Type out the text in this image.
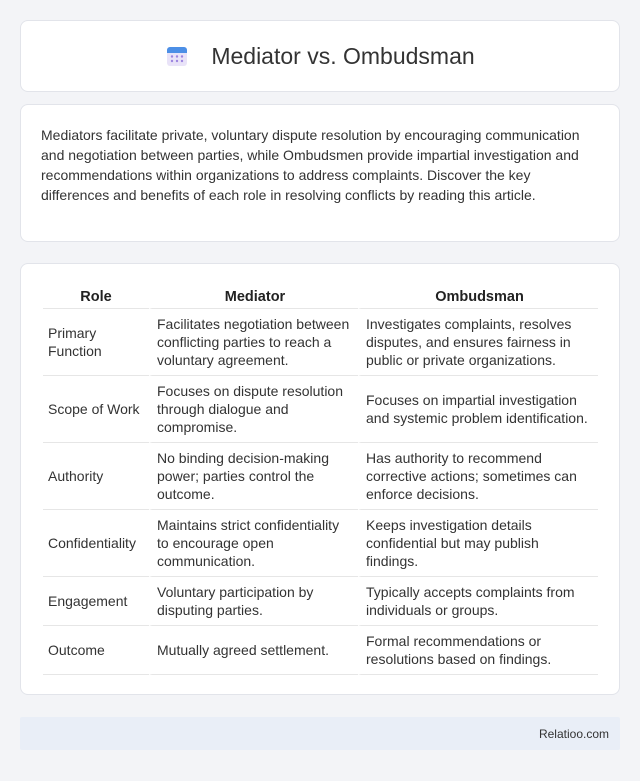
Mediator vs. Ombudsman

Mediators facilitate private, voluntary dispute resolution by encouraging communication and negotiation between parties, while Ombudsmen provide impartial investigation and recommendations within organizations to address complaints. Discover the key differences and benefits of each role in resolving conflicts by reading this article.

Role	Mediator	Ombudsman
Primary Function	Facilitates negotiation between conflicting parties to reach a voluntary agreement.	Investigates complaints, resolves disputes, and ensures fairness in public or private organizations.
Scope of Work	Focuses on dispute resolution through dialogue and compromise.	Focuses on impartial investigation and systemic problem identification.
Authority	No binding decision-making power; parties control the outcome.	Has authority to recommend corrective actions; sometimes can enforce decisions.
Confidentiality	Maintains strict confidentiality to encourage open communication.	Keeps investigation details confidential but may publish findings.
Engagement	Voluntary participation by disputing parties.	Typically accepts complaints from individuals or groups.
Outcome	Mutually agreed settlement.	Formal recommendations or resolutions based on findings.
Relatioo.com
